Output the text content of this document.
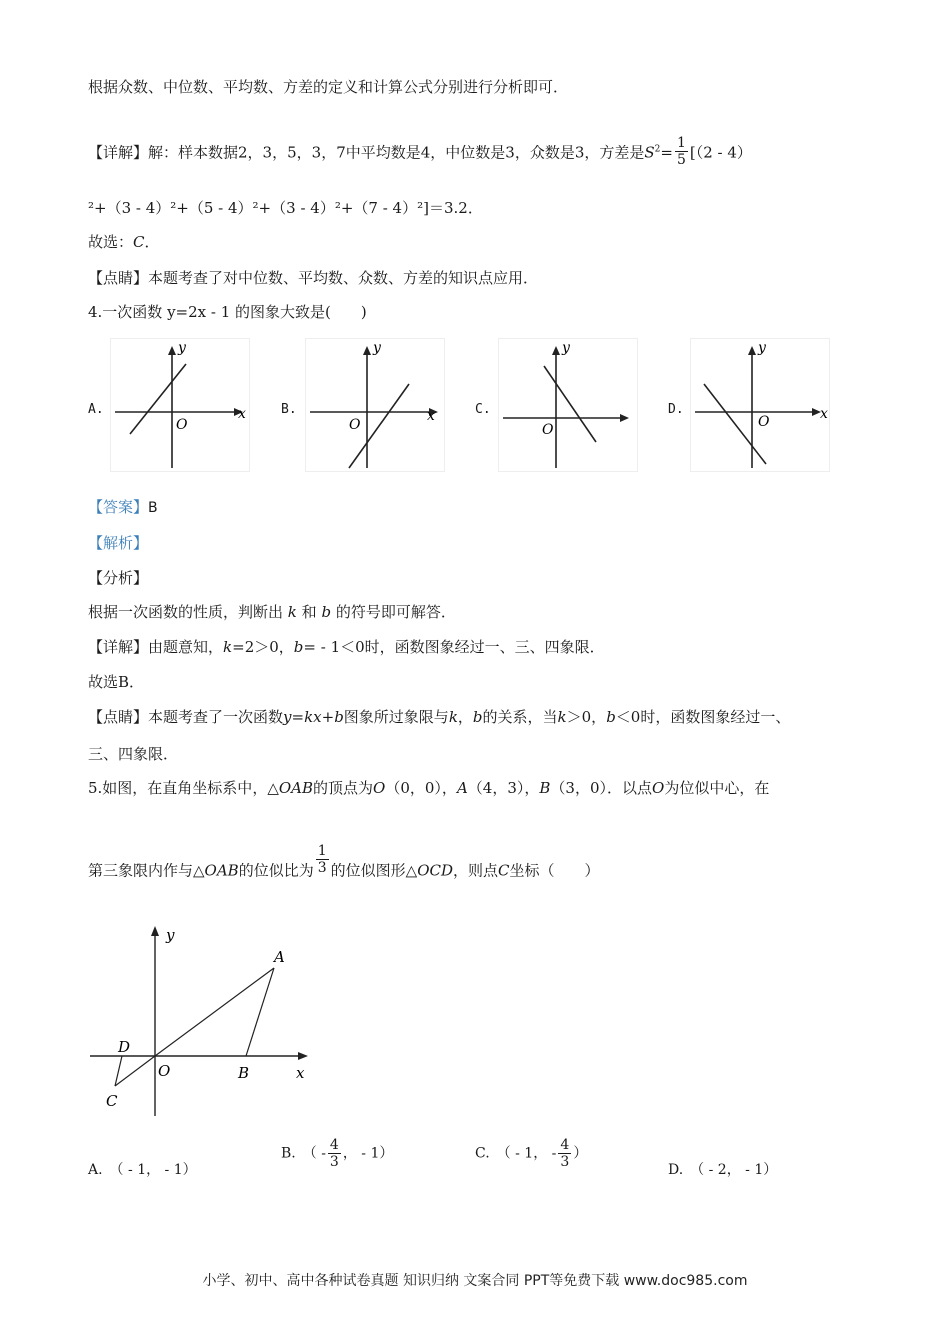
根据众数、中位数、平均数、方差的定义和计算公式分别进行分析即可．
【详解】解：样本数据2，3，5，3，7中平均数是4，中位数是3，众数是3，方差是$S^2= \frac{1}{5} [(2 - 4)$
²+（3 - 4）²+（5 - 4）²+（3 - 4）²+（7 - 4）²]＝3.2．
故选：C．
【点睛】本题考查了对中位数、平均数、众数、方差的知识点应用．
4.一次函数 y=2x - 1 的图象大致是(　　)
A.	B.	C.	D.
y
x
O
y
x
O
y
O
y
x
O
【答案】B
【解析】
【分析】
根据一次函数的性质，判断出 k 和 b 的符号即可解答．
【详解】由题意知，k=2＞0，b= - 1＜0时，函数图象经过一、三、四象限．
故选B．
【点睛】本题考查了一次函数y=kx+b图象所过象限与k，b的关系，当k＞0，b＜0时，函数图象经过一、
三、四象限．
5.如图，在直角坐标系中，△OAB的顶点为O（0，0），A（4，3），B（3，0）．以点O为位似中心，在
第三象限内作与△OAB的位似比为 $\frac{1}{3}$ 的位似图形△OCD，则点C坐标（　　）
y
x
A
B
O
D
C
A.　（ - 1， - 1）
B.　（ - $\frac{4}{3}$ ， - 1）	C.　（ - 1， - $\frac{4}{3}$ ）
D.　（ - 2， - 1）
小学、初中、高中各种试卷真题 知识归纳 文案合同 PPT等免费下载 www.doc985.com
